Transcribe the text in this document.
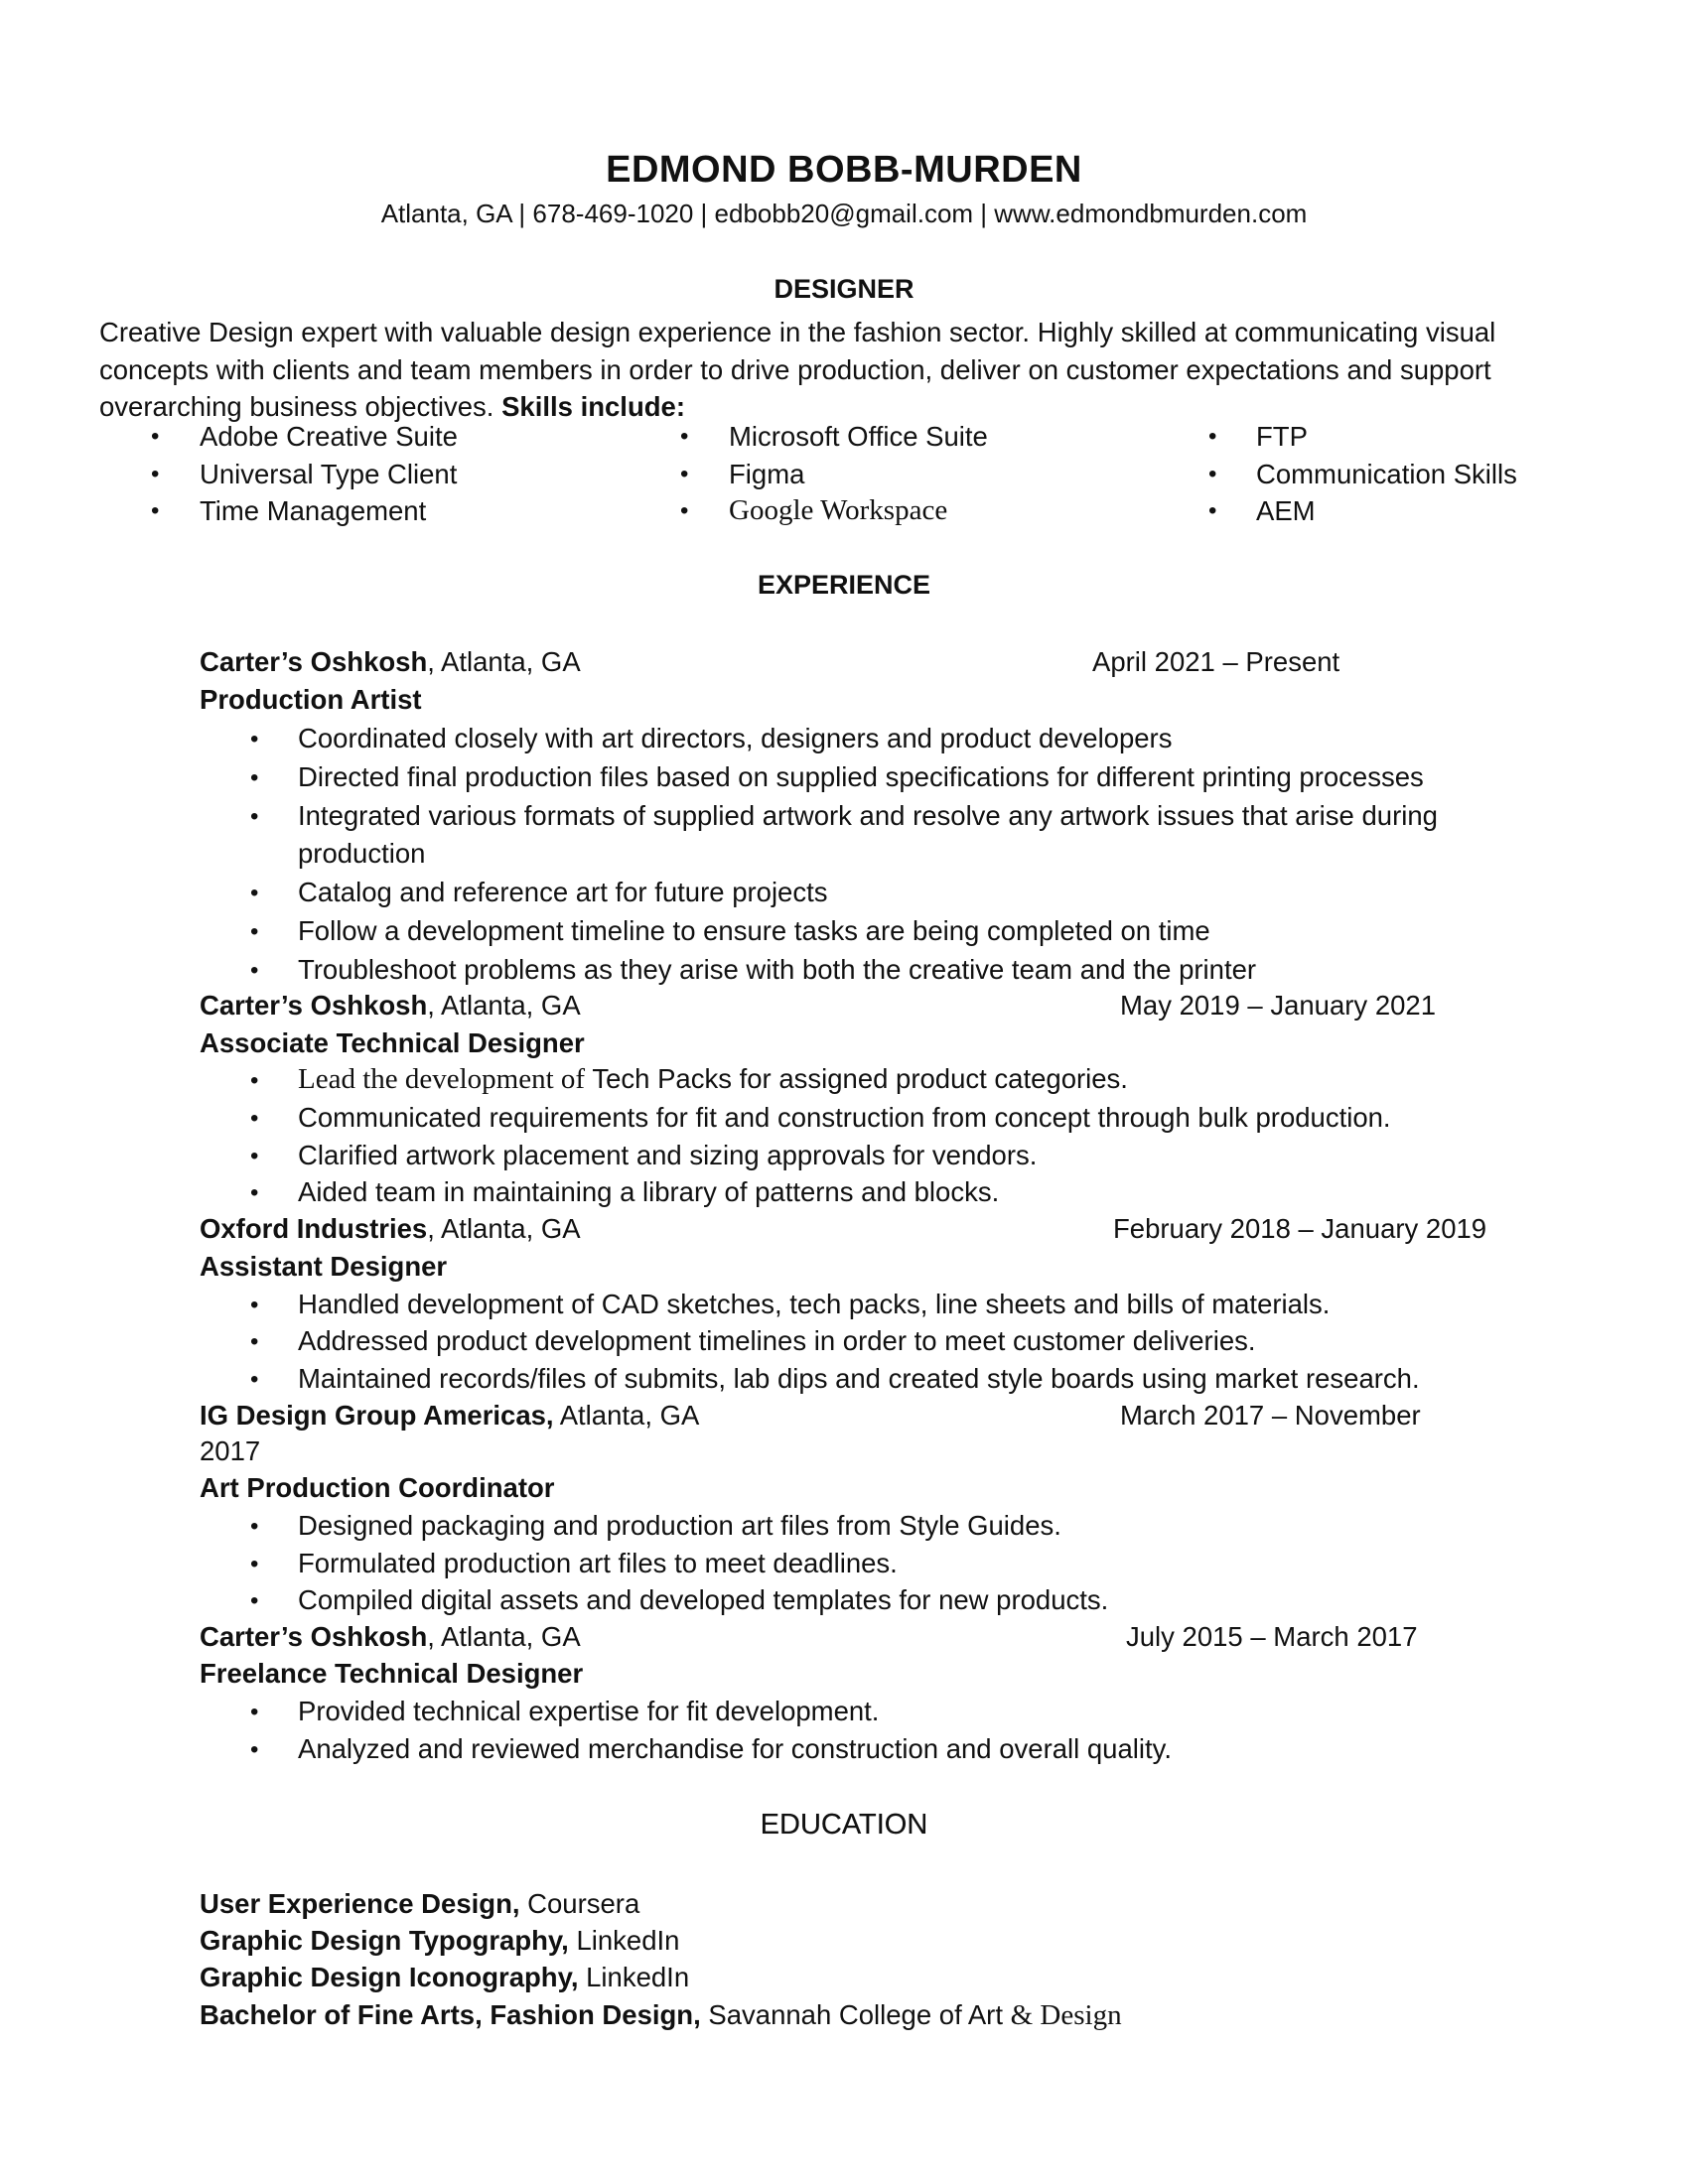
EDMOND BOBB-MURDEN
Atlanta, GA | 678-469-1020 | edbobb20@gmail.com | www.edmondbmurden.com
DESIGNER
Creative Design expert with valuable design experience in the fashion sector. Highly skilled at communicating visual concepts with clients and team members in order to drive production, deliver on customer expectations and support overarching business objectives. Skills include:
• Adobe Creative Suite
• Universal Type Client
• Time Management
• Microsoft Office Suite
• Figma
• Google Workspace
• FTP
• Communication Skills
• AEM
EXPERIENCE
Carter’s Oshkosh, Atlanta, GA	April 2021 – Present
Production Artist
• Coordinated closely with art directors, designers and product developers
• Directed final production files based on supplied specifications for different printing processes
• Integrated various formats of supplied artwork and resolve any artwork issues that arise during
production
• Catalog and reference art for future projects
• Follow a development timeline to ensure tasks are being completed on time
• Troubleshoot problems as they arise with both the creative team and the printer
Carter’s Oshkosh, Atlanta, GA	May 2019 – January 2021
Associate Technical Designer
• Lead the development of Tech Packs for assigned product categories.
• Communicated requirements for fit and construction from concept through bulk production.
• Clarified artwork placement and sizing approvals for vendors.
• Aided team in maintaining a library of patterns and blocks.
Oxford Industries, Atlanta, GA	February 2018 – January 2019
Assistant Designer
• Handled development of CAD sketches, tech packs, line sheets and bills of materials.
• Addressed product development timelines in order to meet customer deliveries.
• Maintained records/files of submits, lab dips and created style boards using market research.
IG Design Group Americas, Atlanta, GA	March 2017 – November
2017
Art Production Coordinator
• Designed packaging and production art files from Style Guides.
• Formulated production art files to meet deadlines.
• Compiled digital assets and developed templates for new products.
Carter’s Oshkosh, Atlanta, GA	July 2015 – March 2017
Freelance Technical Designer
• Provided technical expertise for fit development.
• Analyzed and reviewed merchandise for construction and overall quality.
EDUCATION
User Experience Design, Coursera
Graphic Design Typography, LinkedIn
Graphic Design Iconography, LinkedIn
Bachelor of Fine Arts, Fashion Design, Savannah College of Art & Design
